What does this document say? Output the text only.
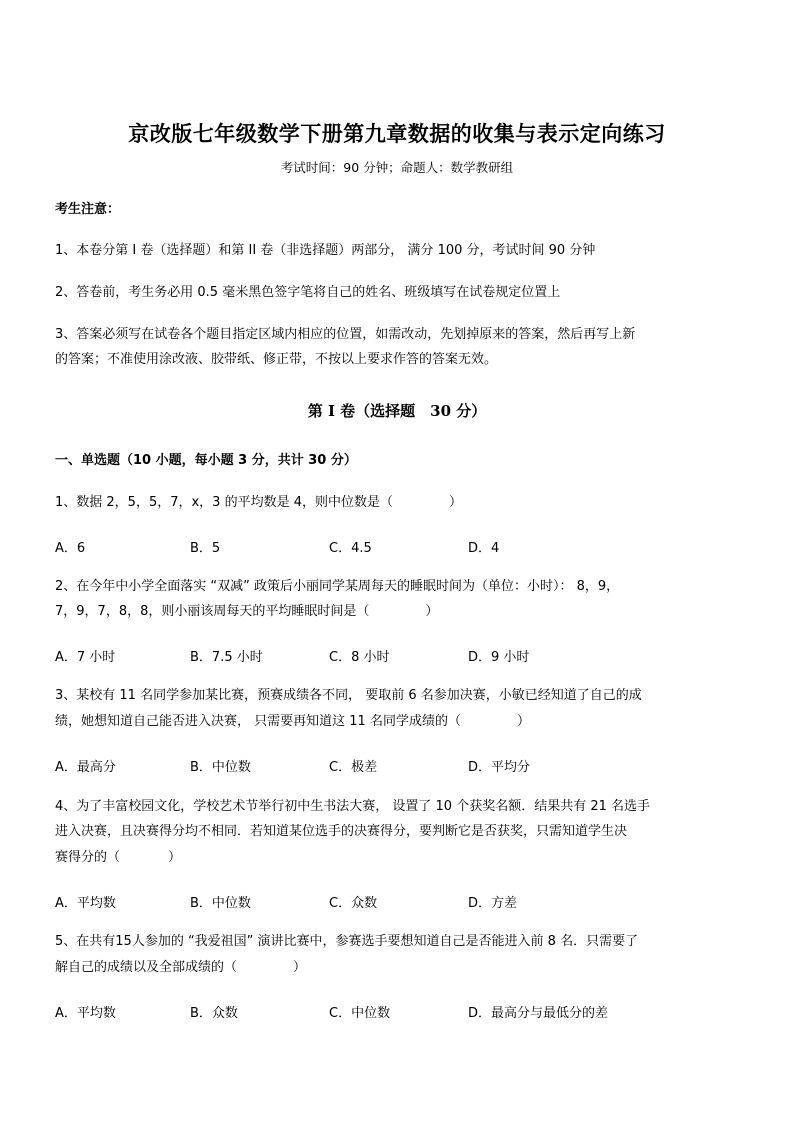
京改版七年级数学下册第九章数据的收集与表示定向练习
考试时间：90 分钟；命题人：数学教研组
考生注意：
1、本卷分第 I 卷（选择题）和第 II 卷（非选择题）两部分， 满分 100 分，考试时间 90 分钟
2、答卷前，考生务必用 0.5 毫米黑色签字笔将自己的姓名、班级填写在试卷规定位置上
3、答案必须写在试卷各个题目指定区域内相应的位置，如需改动，先划掉原来的答案，然后再写上新
的答案；不准使用涂改液、胶带纸、修正带，不按以上要求作答的答案无效。
第 I 卷（选择题　30 分）
一、单选题（10 小题，每小题 3 分，共计 30 分）
1、数据 2，5，5，7，x，3 的平均数是 4，则中位数是（	）
A．6	B．5	C．4.5	D．4
2、在今年中小学全面落实 “双减” 政策后小丽同学某周每天的睡眠时间为（单位：小时）： 8，9，
7，9，7，8，8，则小丽该周每天的平均睡眠时间是（	）
A．7 小时	B．7.5 小时	C．8 小时	D．9 小时
3、某校有 11 名同学参加某比赛，预赛成绩各不同， 要取前 6 名参加决赛，小敏已经知道了自己的成
绩，她想知道自己能否进入决赛， 只需要再知道这 11 名同学成绩的（	）
A．最高分	B．中位数	C．极差	D．平均分
4、为了丰富校园文化，学校艺术节举行初中生书法大赛， 设置了 10 个获奖名额．结果共有 21 名选手
进入决赛，且决赛得分均不相同．若知道某位选手的决赛得分，要判断它是否获奖，只需知道学生决
赛得分的（	）
A．平均数	B．中位数	C．众数	D．方差
5、在共有15人参加的 “我爱祖国” 演讲比赛中，参赛选手要想知道自己是否能进入前 8 名．只需要了
解自己的成绩以及全部成绩的（	）
A．平均数	B．众数	C．中位数	D．最高分与最低分的差
